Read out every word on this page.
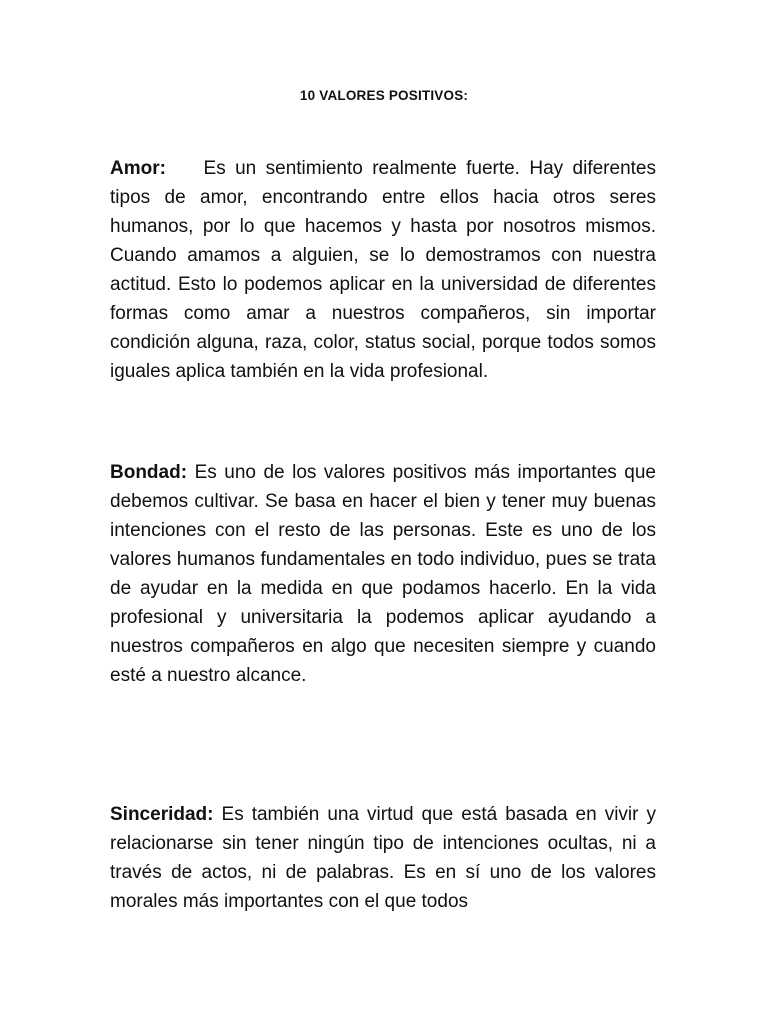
10 VALORES POSITIVOS:

Amor: Es un sentimiento realmente fuerte. Hay diferentes tipos de amor, encontrando entre ellos hacia otros seres humanos, por lo que hacemos y hasta por nosotros mismos. Cuando amamos a alguien, se lo demostramos con nuestra actitud. Esto lo podemos aplicar en la universidad de diferentes formas como amar a nuestros compañeros, sin importar condición alguna, raza, color, status social, porque todos somos iguales aplica también en la vida profesional.

Bondad: Es uno de los valores positivos más importantes que debemos cultivar. Se basa en hacer el bien y tener muy buenas intenciones con el resto de las personas. Este es uno de los valores humanos fundamentales en todo individuo, pues se trata de ayudar en la medida en que podamos hacerlo. En la vida profesional y universitaria la podemos aplicar ayudando a nuestros compañeros en algo que necesiten siempre y cuando esté a nuestro alcance.

Sinceridad: Es también una virtud que está basada en vivir y relacionarse sin tener ningún tipo de intenciones ocultas, ni a través de actos, ni de palabras. Es en sí uno de los valores morales más importantes con el que todos
